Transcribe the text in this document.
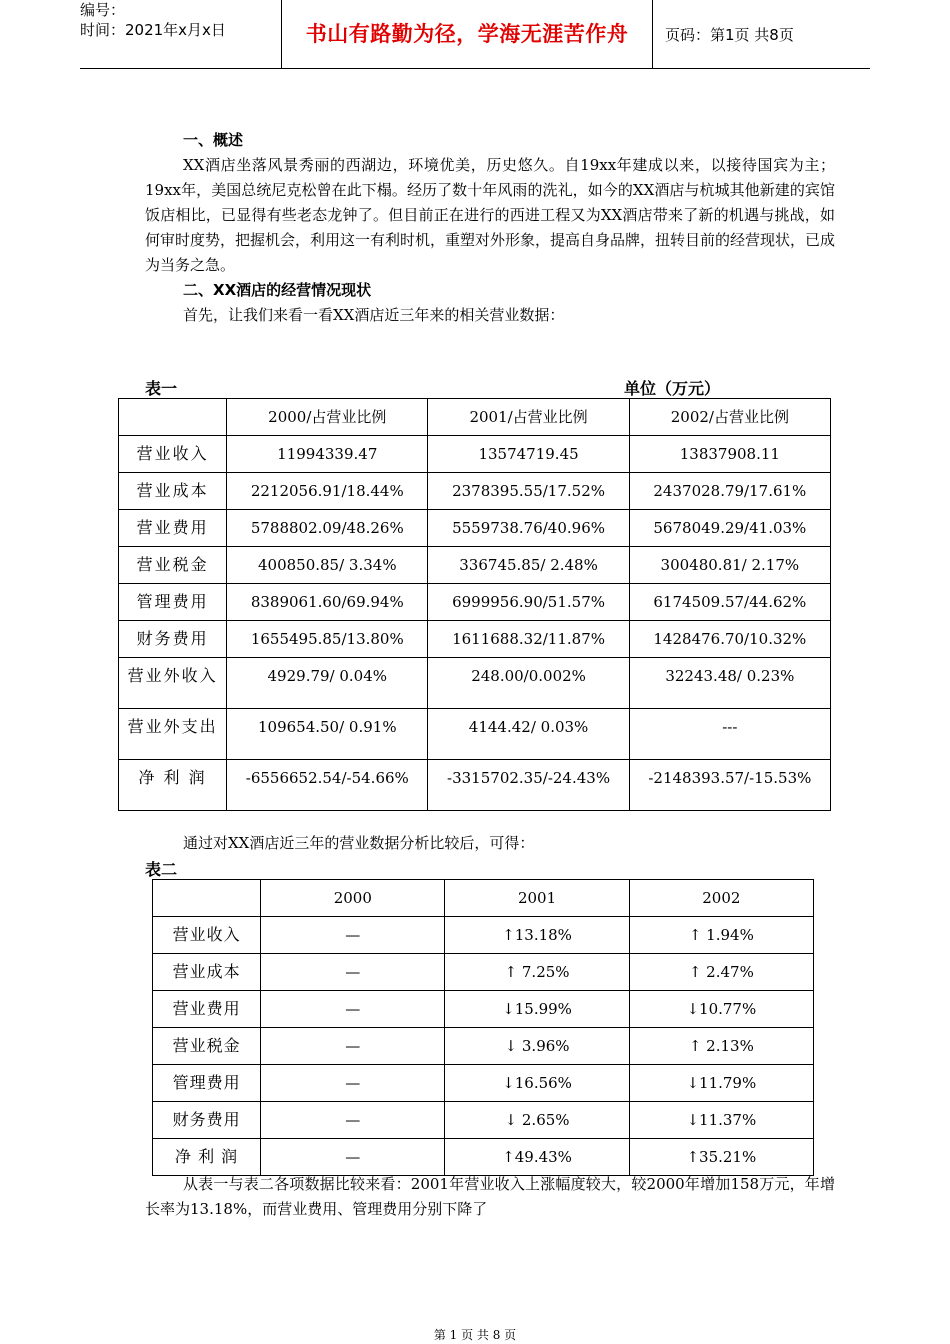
编号：
时间：2021年x月x日	书山有路勤为径，学海无涯苦作舟	页码：第1页 共8页

一、概述

XX酒店坐落风景秀丽的西湖边，环境优美，历史悠久。自19xx年建成以来，以接待国宾为主；19xx年，美国总统尼克松曾在此下榻。经历了数十年风雨的洗礼，如今的XX酒店与杭城其他新建的宾馆饭店相比，已显得有些老态龙钟了。但目前正在进行的西进工程又为XX酒店带来了新的机遇与挑战，如何审时度势，把握机会，利用这一有利时机，重塑对外形象，提高自身品牌，扭转目前的经营现状，已成为当务之急。

二、XX酒店的经营情况现状

首先，让我们来看一看XX酒店近三年来的相关营业数据：

表一	单位（万元）
	2000/占营业比例	2001/占营业比例	2002/占营业比例
营业收入	11994339.47	13574719.45	13837908.11
营业成本	2212056.91/18.44%	2378395.55/17.52%	2437028.79/17.61%
营业费用	5788802.09/48.26%	5559738.76/40.96%	5678049.29/41.03%
营业税金	400850.85/ 3.34%	336745.85/ 2.48%	300480.81/ 2.17%
管理费用	8389061.60/69.94%	6999956.90/51.57%	6174509.57/44.62%
财务费用	1655495.85/13.80%	1611688.32/11.87%	1428476.70/10.32%
营业外收入	4929.79/ 0.04%	248.00/0.002%	32243.48/ 0.23%
营业外支出	109654.50/ 0.91%	4144.42/ 0.03%	---
净 利 润	-6556652.54/-54.66%	-3315702.35/-24.43%	-2148393.57/-15.53%

通过对XX酒店近三年的营业数据分析比较后，可得：

表二
	2000	2001	2002
营业收入	—	↑13.18%	↑ 1.94%
营业成本	—	↑ 7.25%	↑ 2.47%
营业费用	—	↓15.99%	↓10.77%
营业税金	—	↓ 3.96%	↑ 2.13%
管理费用	—	↓16.56%	↓11.79%
财务费用	—	↓ 2.65%	↓11.37%
净 利 润	—	↑49.43%	↑35.21%

从表一与表二各项数据比较来看：2001年营业收入上涨幅度较大，较2000年增加158万元，年增长率为13.18%，而营业费用、管理费用分别下降了

第 1 页 共 8 页
